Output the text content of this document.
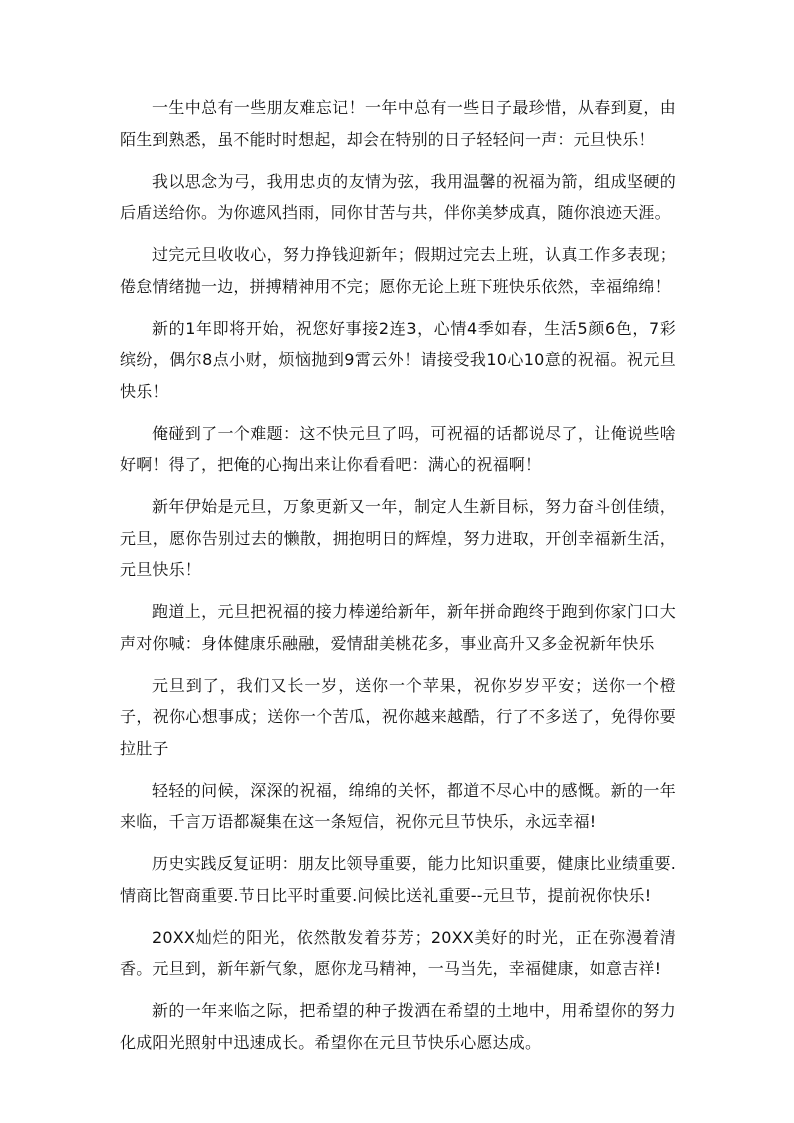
一生中总有一些朋友难忘记！一年中总有一些日子最珍惜，从春到夏，由陌生到熟悉，虽不能时时想起，却会在特别的日子轻轻问一声：元旦快乐！

我以思念为弓，我用忠贞的友情为弦，我用温馨的祝福为箭，组成坚硬的后盾送给你。为你遮风挡雨，同你甘苦与共，伴你美梦成真，随你浪迹天涯。

过完元旦收收心，努力挣钱迎新年；假期过完去上班，认真工作多表现；倦怠情绪抛一边，拼搏精神用不完；愿你无论上班下班快乐依然，幸福绵绵！

新的1年即将开始，祝您好事接2连3，心情4季如春，生活5颜6色，7彩缤纷，偶尔8点小财，烦恼抛到9霄云外！请接受我10心10意的祝福。祝元旦快乐！

俺碰到了一个难题：这不快元旦了吗，可祝福的话都说尽了，让俺说些啥好啊！得了，把俺的心掏出来让你看看吧：满心的祝福啊！

新年伊始是元旦，万象更新又一年，制定人生新目标，努力奋斗创佳绩，元旦，愿你告别过去的懒散，拥抱明日的辉煌，努力进取，开创幸福新生活，元旦快乐！

跑道上，元旦把祝福的接力棒递给新年，新年拼命跑终于跑到你家门口大声对你喊：身体健康乐融融，爱情甜美桃花多，事业高升又多金祝新年快乐

元旦到了，我们又长一岁，送你一个苹果，祝你岁岁平安；送你一个橙子，祝你心想事成；送你一个苦瓜，祝你越来越酷，行了不多送了，免得你要拉肚子

轻轻的问候，深深的祝福，绵绵的关怀，都道不尽心中的感慨。新的一年来临，千言万语都凝集在这一条短信，祝你元旦节快乐，永远幸福!

历史实践反复证明：朋友比领导重要，能力比知识重要，健康比业绩重要.情商比智商重要.节日比平时重要.问候比送礼重要--元旦节，提前祝你快乐!

20XX灿烂的阳光，依然散发着芬芳；20XX美好的时光，正在弥漫着清香。元旦到，新年新气象，愿你龙马精神，一马当先，幸福健康，如意吉祥!

新的一年来临之际，把希望的种子拨洒在希望的土地中，用希望你的努力化成阳光照射中迅速成长。希望你在元旦节快乐心愿达成。
